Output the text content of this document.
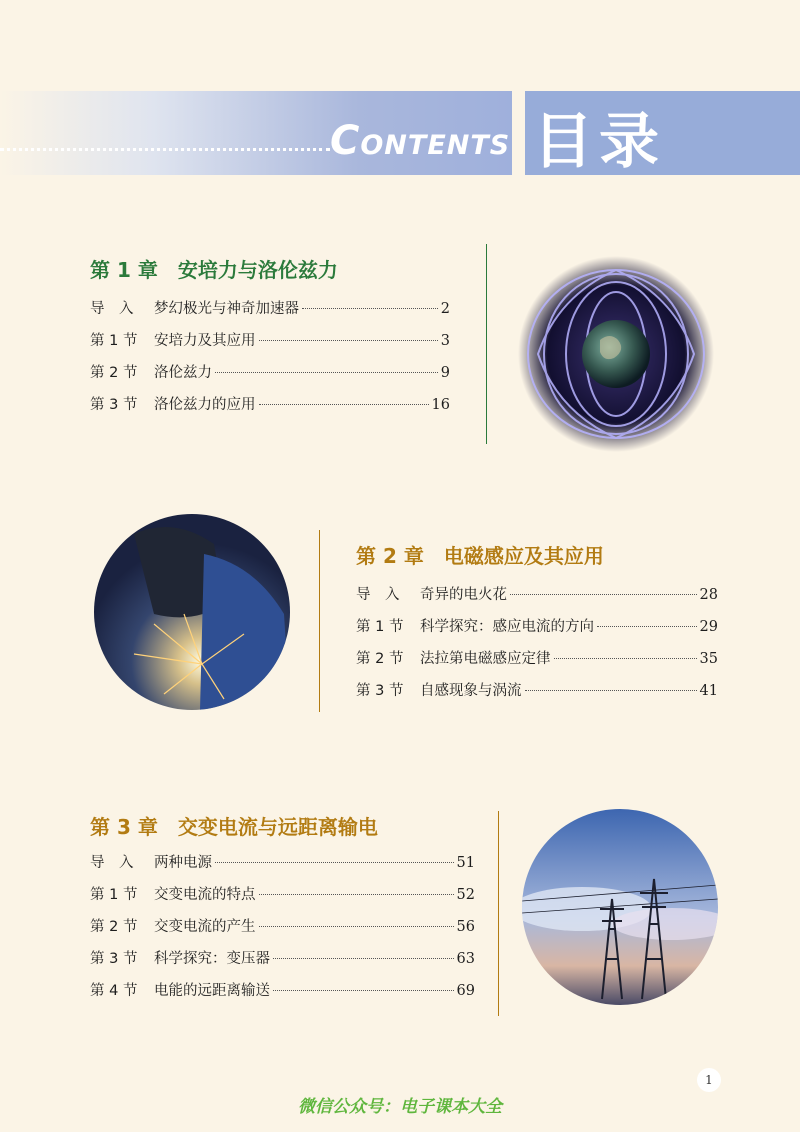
CONTENTS 目录
第 1 章　安培力与洛伦兹力
导　入	梦幻极光与神奇加速器	2
第 1 节	安培力及其应用	3
第 2 节	洛伦兹力	9
第 3 节	洛伦兹力的应用	16
第 2 章　电磁感应及其应用
导　入	奇异的电火花	28
第 1 节	科学探究：感应电流的方向	29
第 2 节	法拉第电磁感应定律	35
第 3 节	自感现象与涡流	41
第 3 章　交变电流与远距离输电
导　入	两种电源	51
第 1 节	交变电流的特点	52
第 2 节	交变电流的产生	56
第 3 节	科学探究：变压器	63
第 4 节	电能的远距离输送	69
1
微信公众号：电子课本大全
